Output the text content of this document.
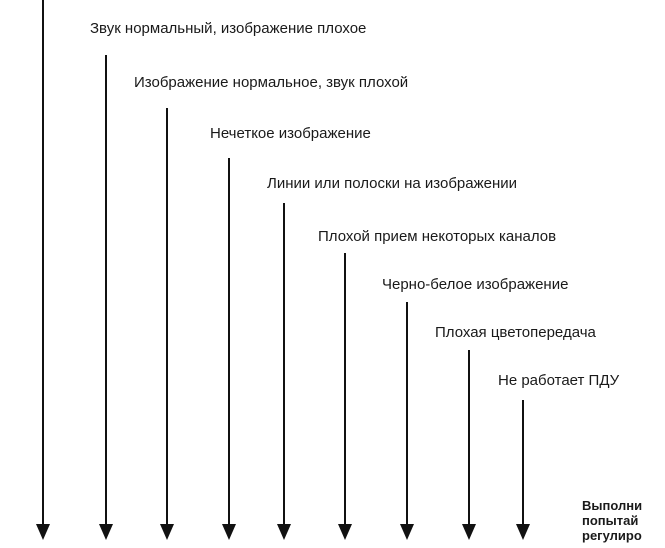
Звук нормальный, изображение плохое
Изображение нормальное, звук плохой
Нечеткое изображение
Линии или полоски на изображении
Плохой прием некоторых каналов
Черно-белое изображение
Плохая цветопередача
Не работает ПДУ
Выполни
попытай
регулиро
